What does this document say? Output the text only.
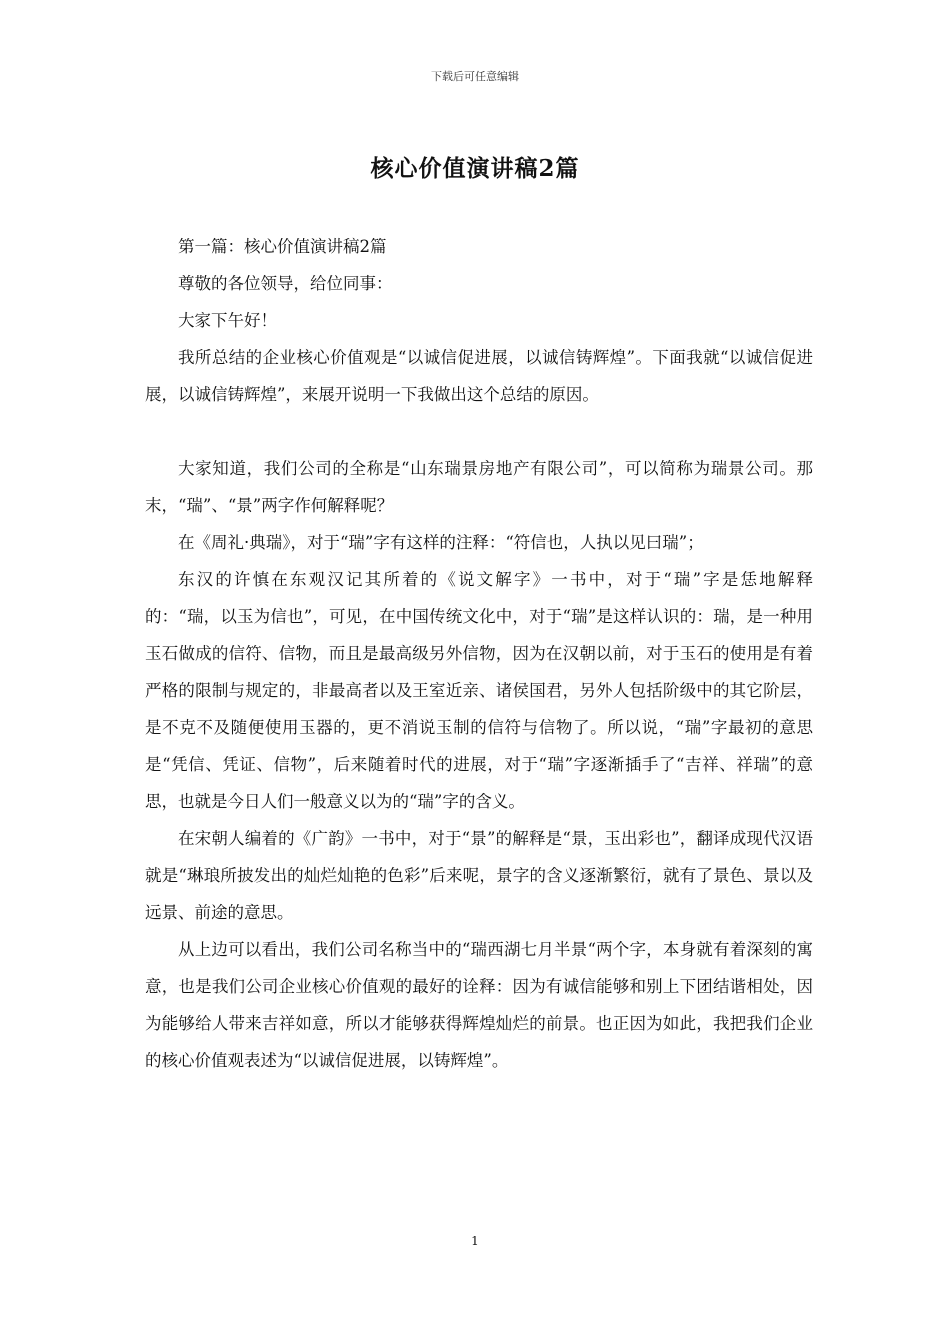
下载后可任意编辑
核心价值演讲稿2篇

第一篇：核心价值演讲稿2篇

尊敬的各位领导，给位同事：

大家下午好！

我所总结的企业核心价值观是“以诚信促进展，以诚信铸辉煌”。下面我就“以诚信促进展，以诚信铸辉煌”，来展开说明一下我做出这个总结的原因。

大家知道，我们公司的全称是“山东瑞景房地产有限公司”，可以简称为瑞景公司。那末，“瑞”、“景”两字作何解释呢？

在《周礼·典瑞》，对于“瑞”字有这样的注释：“符信也，人执以见曰瑞”；

东汉的许慎在东观汉记其所着的《说文解字》一书中，对于“瑞”字是恁地解释的：“瑞，以玉为信也”，可见，在中国传统文化中，对于“瑞”是这样认识的：瑞，是一种用玉石做成的信符、信物，而且是最高级另外信物，因为在汉朝以前，对于玉石的使用是有着严格的限制与规定的，非最高者以及王室近亲、诸侯国君，另外人包括阶级中的其它阶层，是不克不及随便使用玉器的，更不消说玉制的信符与信物了。所以说，“瑞”字最初的意思是“凭信、凭证、信物”，后来随着时代的进展，对于“瑞”字逐渐插手了“吉祥、祥瑞”的意思，也就是今日人们一般意义以为的“瑞”字的含义。

在宋朝人编着的《广韵》一书中，对于“景”的解释是“景，玉出彩也”，翻译成现代汉语就是“琳琅所披发出的灿烂灿艳的色彩”后来呢，景字的含义逐渐繁衍，就有了景色、景以及远景、前途的意思。

从上边可以看出，我们公司名称当中的“瑞西湖七月半景“两个字，本身就有着深刻的寓意，也是我们公司企业核心价值观的最好的诠释：因为有诚信能够和别上下团结谐相处，因为能够给人带来吉祥如意，所以才能够获得辉煌灿烂的前景。也正因为如此，我把我们企业的核心价值观表述为“以诚信促进展，以铸辉煌”。

1
